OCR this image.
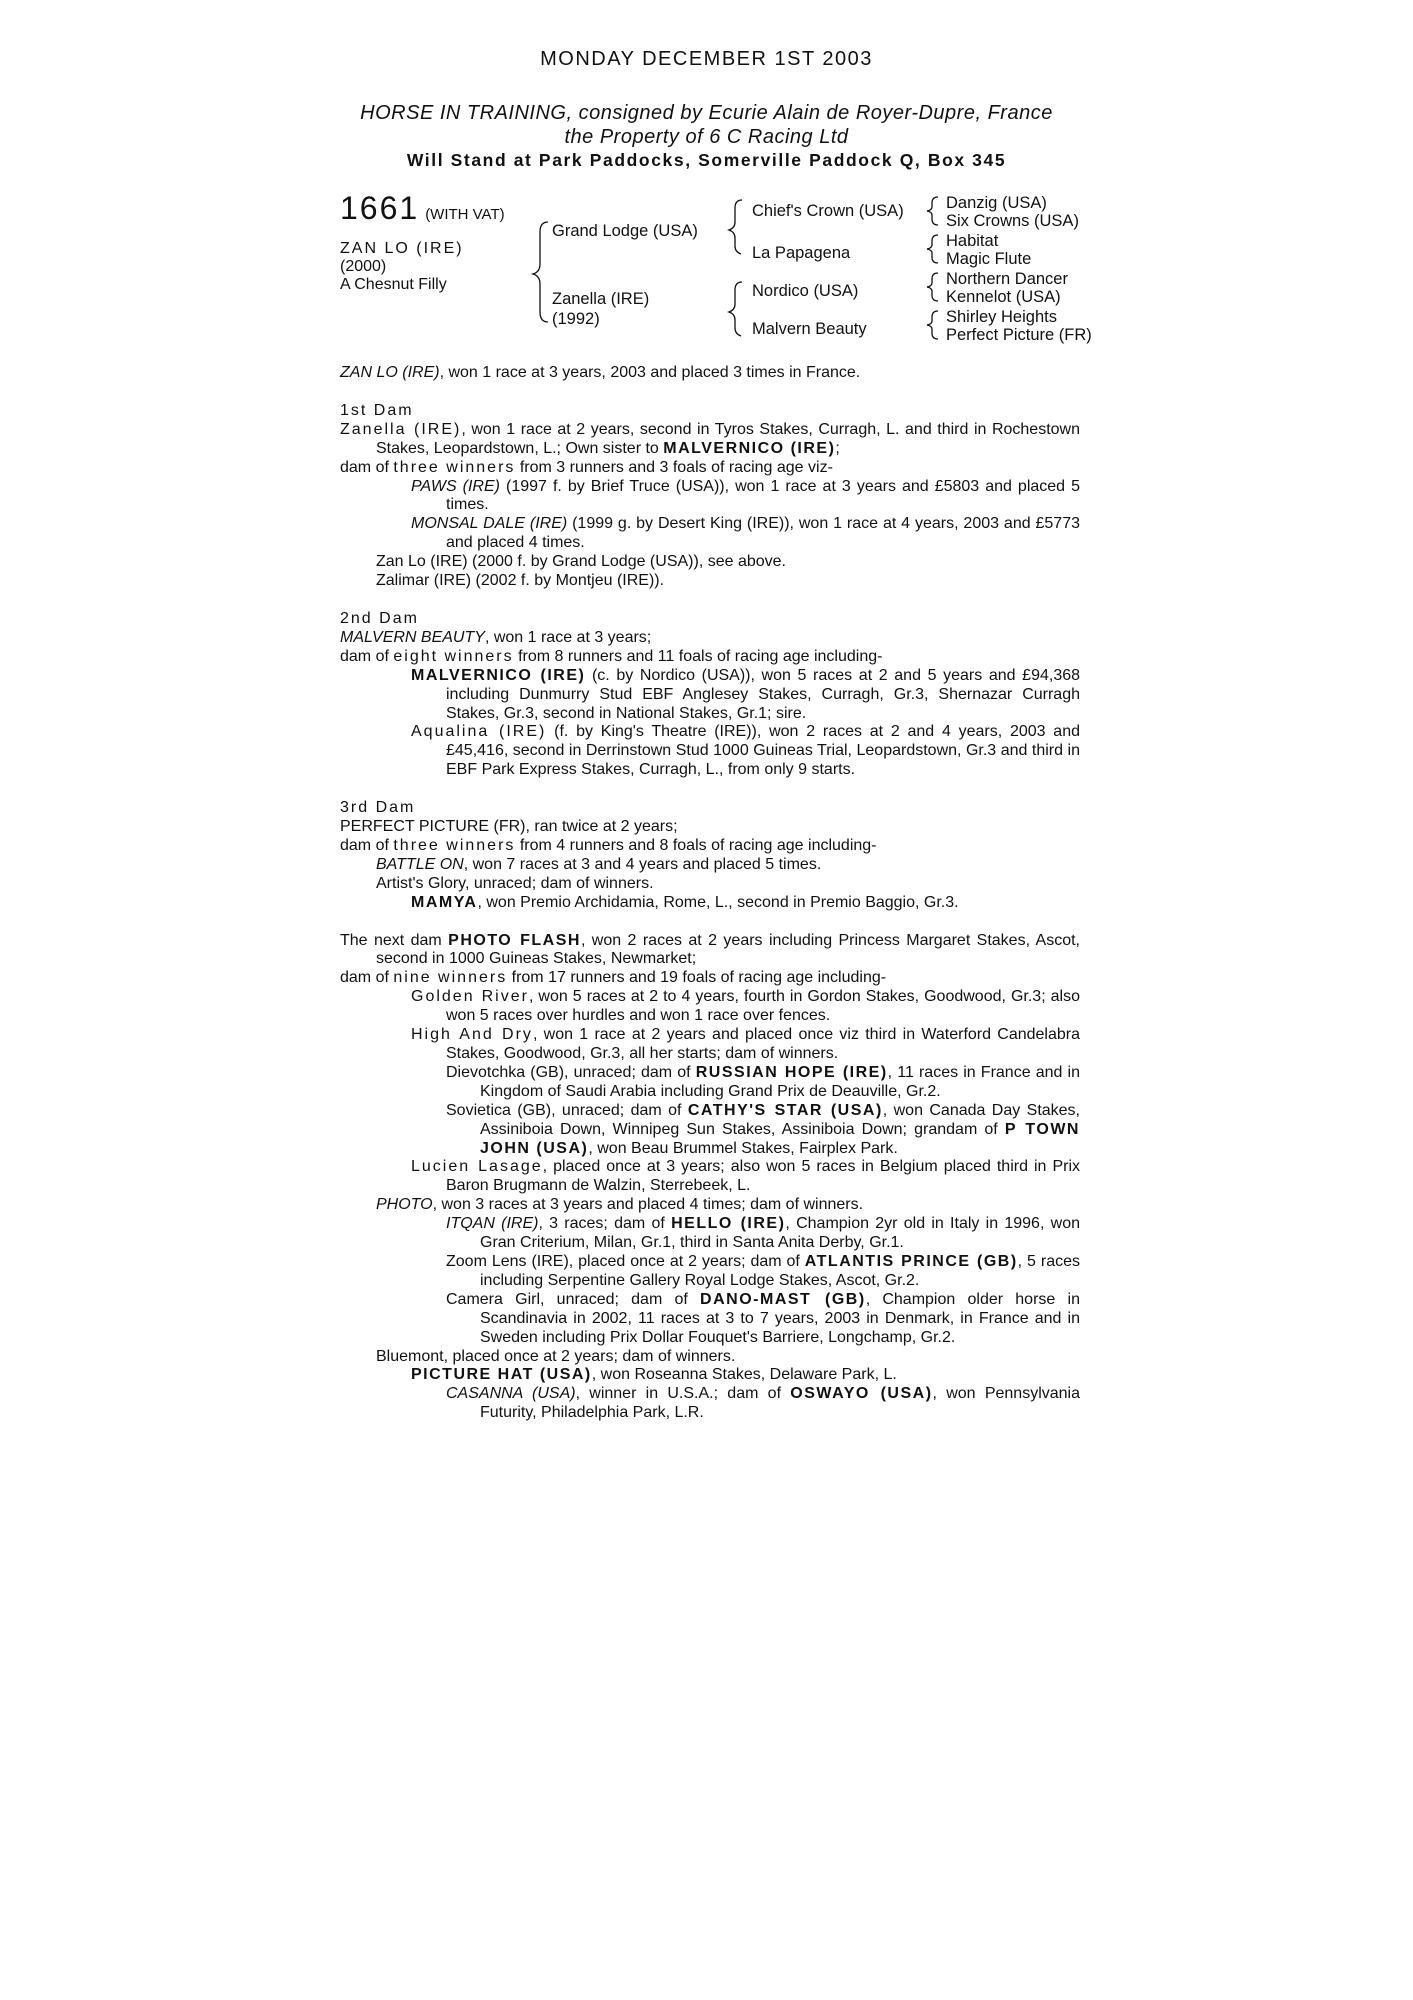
MONDAY DECEMBER 1ST 2003
HORSE IN TRAINING, consigned by Ecurie Alain de Royer-Dupre, France
the Property of 6 C Racing Ltd
Will Stand at Park Paddocks, Somerville Paddock Q, Box 345
1661 (WITH VAT)
ZAN LO (IRE)
(2000)
A Chesnut Filly
Grand Lodge (USA)
Zanella (IRE)
(1992)
Chief's Crown (USA)
La Papagena
Nordico (USA)
Malvern Beauty
Danzig (USA)
Six Crowns (USA)
Habitat
Magic Flute
Northern Dancer
Kennelot (USA)
Shirley Heights
Perfect Picture (FR)

ZAN LO (IRE), won 1 race at 3 years, 2003 and placed 3 times in France.

1st Dam

Zanella (IRE), won 1 race at 2 years, second in Tyros Stakes, Curragh, L. and third in Rochestown Stakes, Leopardstown, L.; Own sister to MALVERNICO (IRE);

dam of three winners from 3 runners and 3 foals of racing age viz-

PAWS (IRE) (1997 f. by Brief Truce (USA)), won 1 race at 3 years and £5803 and placed 5 times.

MONSAL DALE (IRE) (1999 g. by Desert King (IRE)), won 1 race at 4 years, 2003 and £5773 and placed 4 times.

Zan Lo (IRE) (2000 f. by Grand Lodge (USA)), see above.

Zalimar (IRE) (2002 f. by Montjeu (IRE)).

2nd Dam

MALVERN BEAUTY, won 1 race at 3 years;

dam of eight winners from 8 runners and 11 foals of racing age including-

MALVERNICO (IRE) (c. by Nordico (USA)), won 5 races at 2 and 5 years and £94,368 including Dunmurry Stud EBF Anglesey Stakes, Curragh, Gr.3, Shernazar Curragh Stakes, Gr.3, second in National Stakes, Gr.1; sire.

Aqualina (IRE) (f. by King's Theatre (IRE)), won 2 races at 2 and 4 years, 2003 and £45,416, second in Derrinstown Stud 1000 Guineas Trial, Leopardstown, Gr.3 and third in EBF Park Express Stakes, Curragh, L., from only 9 starts.

3rd Dam

PERFECT PICTURE (FR), ran twice at 2 years;

dam of three winners from 4 runners and 8 foals of racing age including-

BATTLE ON, won 7 races at 3 and 4 years and placed 5 times.

Artist's Glory, unraced; dam of winners.

MAMYA, won Premio Archidamia, Rome, L., second in Premio Baggio, Gr.3.

The next dam PHOTO FLASH, won 2 races at 2 years including Princess Margaret Stakes, Ascot, second in 1000 Guineas Stakes, Newmarket;

dam of nine winners from 17 runners and 19 foals of racing age including-

Golden River, won 5 races at 2 to 4 years, fourth in Gordon Stakes, Goodwood, Gr.3; also won 5 races over hurdles and won 1 race over fences.

High And Dry, won 1 race at 2 years and placed once viz third in Waterford Candelabra Stakes, Goodwood, Gr.3, all her starts; dam of winners.

Dievotchka (GB), unraced; dam of RUSSIAN HOPE (IRE), 11 races in France and in Kingdom of Saudi Arabia including Grand Prix de Deauville, Gr.2.

Sovietica (GB), unraced; dam of CATHY'S STAR (USA), won Canada Day Stakes, Assiniboia Down, Winnipeg Sun Stakes, Assiniboia Down; grandam of P TOWN JOHN (USA), won Beau Brummel Stakes, Fairplex Park.

Lucien Lasage, placed once at 3 years; also won 5 races in Belgium placed third in Prix Baron Brugmann de Walzin, Sterrebeek, L.

PHOTO, won 3 races at 3 years and placed 4 times; dam of winners.

ITQAN (IRE), 3 races; dam of HELLO (IRE), Champion 2yr old in Italy in 1996, won Gran Criterium, Milan, Gr.1, third in Santa Anita Derby, Gr.1.

Zoom Lens (IRE), placed once at 2 years; dam of ATLANTIS PRINCE (GB), 5 races including Serpentine Gallery Royal Lodge Stakes, Ascot, Gr.2.

Camera Girl, unraced; dam of DANO-MAST (GB), Champion older horse in Scandinavia in 2002, 11 races at 3 to 7 years, 2003 in Denmark, in France and in Sweden including Prix Dollar Fouquet's Barriere, Longchamp, Gr.2.

Bluemont, placed once at 2 years; dam of winners.

PICTURE HAT (USA), won Roseanna Stakes, Delaware Park, L.

CASANNA (USA), winner in U.S.A.; dam of OSWAYO (USA), won Pennsylvania Futurity, Philadelphia Park, L.R.
